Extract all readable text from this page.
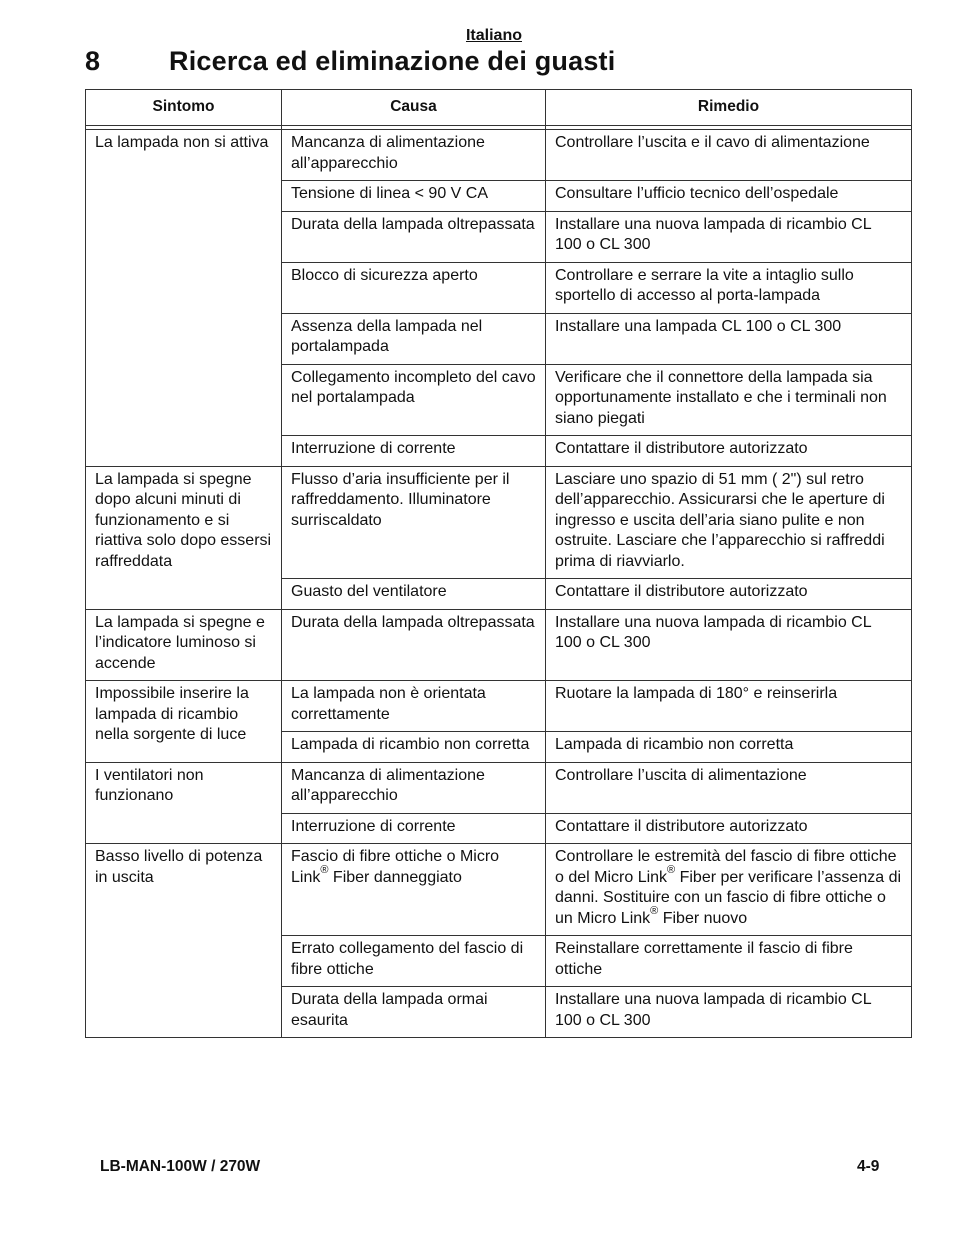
Italiano
8	Ricerca ed eliminazione dei guasti
Sintomo	Causa	Rimedio

La lampada non si attiva	Mancanza di alimentazione all’apparecchio	Controllare l’uscita e il cavo di alimentazione
	Tensione di linea < 90 V CA	Consultare l’ufficio tecnico dell’ospedale
	Durata della lampada oltrepassata	Installare una nuova lampada di ricambio CL 100 o CL 300
	Blocco di sicurezza aperto	Controllare e serrare la vite a intaglio sullo sportello di accesso al porta-lampada
	Assenza della lampada nel portalampada	Installare una lampada CL 100 o CL 300
	Collegamento incompleto del cavo nel portalampada	Verificare che il connettore della lampada sia opportunamente installato e che i terminali non siano piegati
	Interruzione di corrente	Contattare il distributore autorizzato
La lampada si spegne dopo alcuni minuti di funzionamento e si riattiva solo dopo essersi raffreddata	Flusso d’aria insufficiente per il raffreddamento. Illuminatore surriscaldato	Lasciare uno spazio di 51 mm ( 2") sul retro dell’apparecchio. Assicurarsi che le aperture di ingresso e uscita dell’aria siano pulite e non ostruite. Lasciare che l’apparecchio si raffreddi prima di riavviarlo.
	Guasto del ventilatore	Contattare il distributore autorizzato
La lampada si spegne e l’indicatore luminoso si accende	Durata della lampada oltrepassata	Installare una nuova lampada di ricambio CL 100 o CL 300
Impossibile inserire la lampada di ricambio nella sorgente di luce	La lampada non è orientata correttamente	Ruotare la lampada di 180° e reinserirla
	Lampada di ricambio non corretta	Lampada di ricambio non corretta
I ventilatori non funzionano	Mancanza di alimentazione all’apparecchio	Controllare l’uscita di alimentazione
	Interruzione di corrente	Contattare il distributore autorizzato
Basso livello di potenza in uscita	Fascio di fibre ottiche o Micro Link® Fiber danneggiato	Controllare le estremità del fascio di fibre ottiche o del Micro Link® Fiber per verificare l’assenza di danni. Sostituire con un fascio di fibre ottiche o un Micro Link® Fiber nuovo
	Errato collegamento del fascio di fibre ottiche	Reinstallare correttamente il fascio di fibre ottiche
	Durata della lampada ormai esaurita	Installare una nuova lampada di ricambio CL 100 o CL 300
LB-MAN-100W / 270W	4-9
